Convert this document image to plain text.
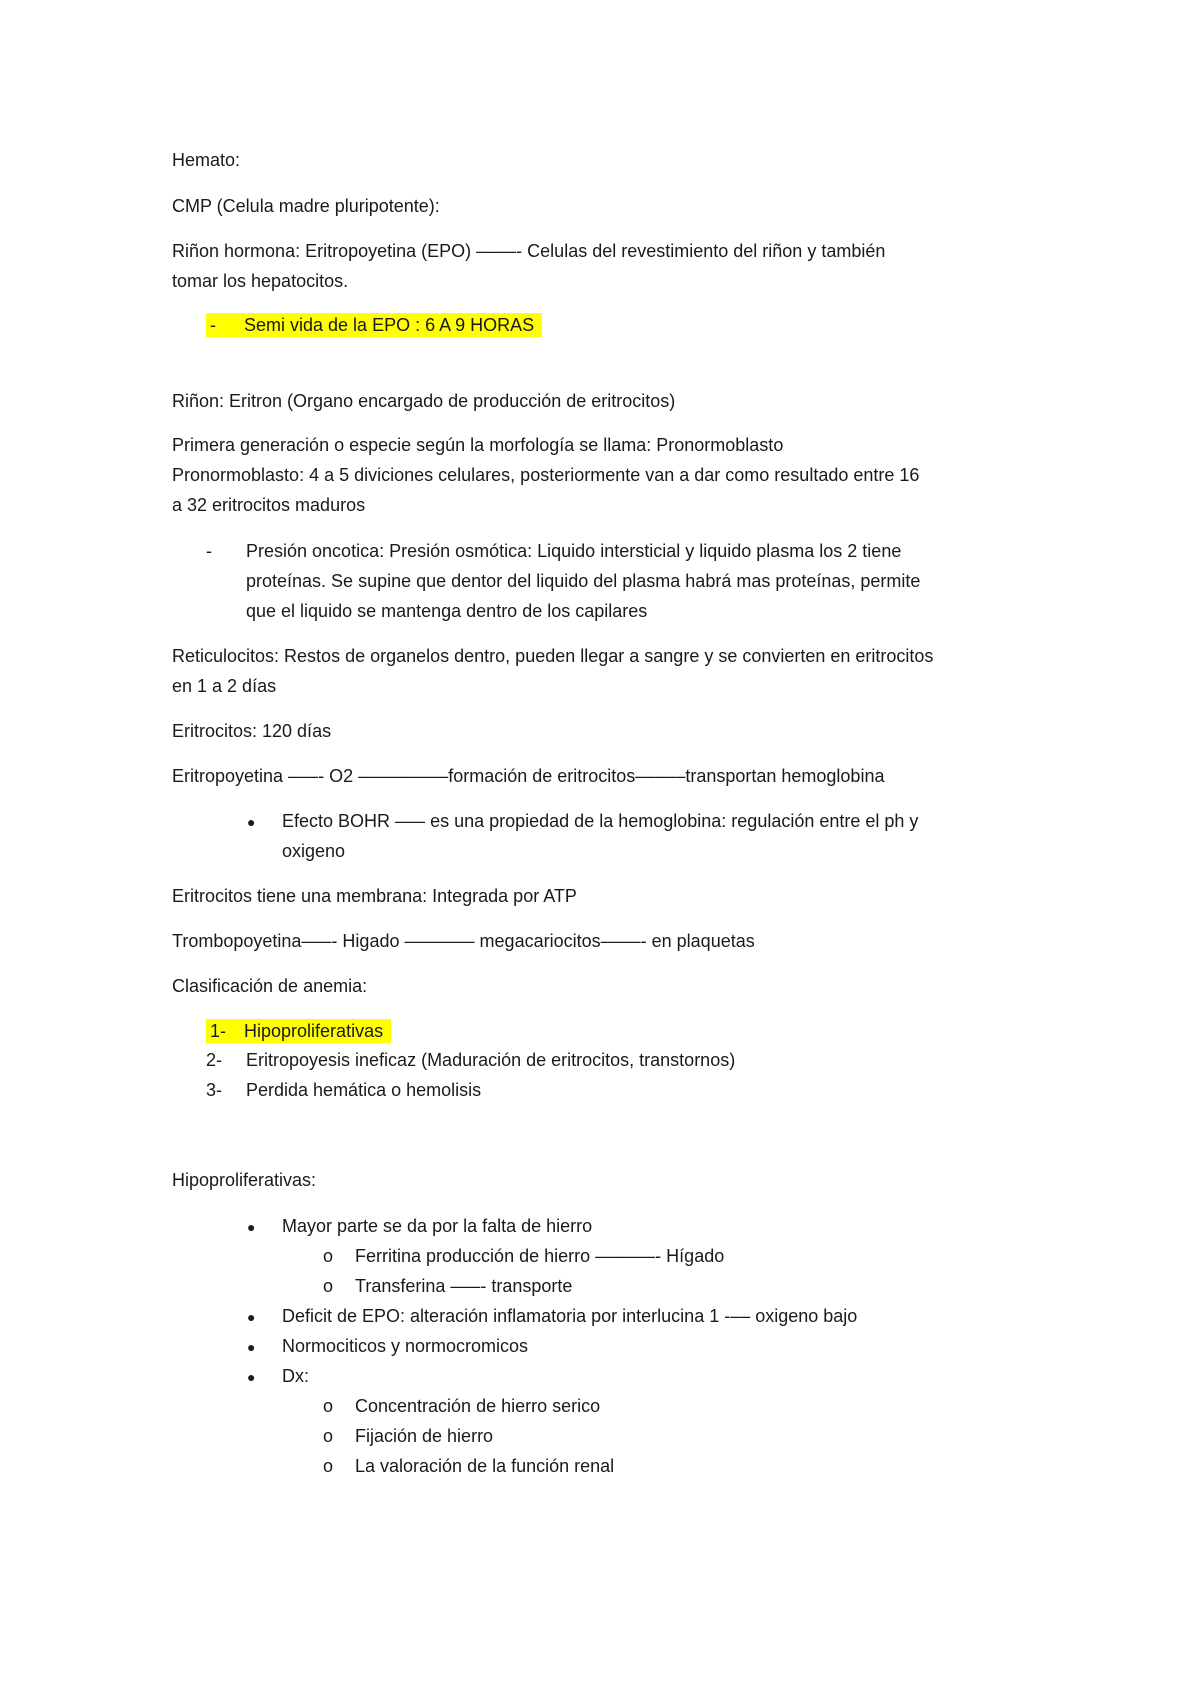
Hemato:
CMP (Celula madre pluripotente):
Riñon hormona: Eritropoyetina (EPO) ––––- Celulas del revestimiento del riñon y también
tomar los hepatocitos.
- Semi vida de la EPO : 6 A 9 HORAS
Riñon: Eritron (Organo encargado de producción de eritrocitos)
Primera generación o especie según la morfología se llama: Pronormoblasto
Pronormoblasto: 4 a 5 diviciones celulares, posteriormente van a dar como resultado entre 16
a 32 eritrocitos maduros
- Presión oncotica: Presión osmótica: Liquido intersticial y liquido plasma los 2 tiene
proteínas. Se supine que dentor del liquido del plasma habrá mas proteínas, permite
que el liquido se mantenga dentro de los capilares
Reticulocitos: Restos de organelos dentro, pueden llegar a sangre y se convierten en eritrocitos
en 1 a 2 días
Eritrocitos: 120 días
Eritropoyetina –––- O2 –––––––––formación de eritrocitos–––––transportan hemoglobina
● Efecto BOHR ––– es una propiedad de la hemoglobina: regulación entre el ph y
oxigeno
Eritrocitos tiene una membrana: Integrada por ATP
Trombopoyetina–––- Higado ––––––– megacariocitos––––- en plaquetas
Clasificación de anemia:
1- Hipoproliferativas
2- Eritropoyesis ineficaz (Maduración de eritrocitos, transtornos)
3- Perdida hemática o hemolisis
Hipoproliferativas:
● Mayor parte se da por la falta de hierro
o Ferritina producción de hierro ––––––- Hígado
o Transferina –––- transporte
● Deficit de EPO: alteración inflamatoria por interlucina 1 -–– oxigeno bajo
● Normociticos y normocromicos
● Dx:
o Concentración de hierro serico
o Fijación de hierro
o La valoración de la función renal
